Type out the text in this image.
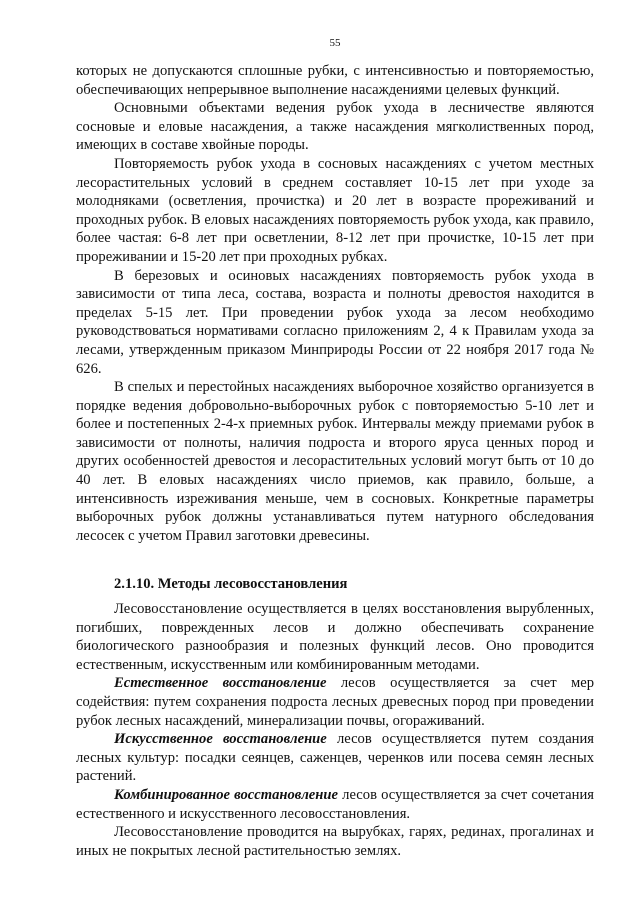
55

которых не допускаются сплошные рубки, с интенсивностью и повторяемостью, обеспечивающих непрерывное выполнение насаждениями целевых функций.

Основными объектами ведения рубок ухода в лесничестве являются сосновые и еловые насаждения, а также насаждения мягколиственных пород, имеющих в составе хвойные породы.

Повторяемость рубок ухода в сосновых насаждениях с учетом местных лесорастительных условий в среднем составляет 10-15 лет при уходе за молодняками (осветления, прочистка) и 20 лет в возрасте прореживаний и проходных рубок. В еловых насаждениях повторяемость рубок ухода, как правило, более частая: 6-8 лет при осветлении, 8-12 лет при прочистке, 10-15 лет при прореживании и 15-20 лет при проходных рубках.

В березовых и осиновых насаждениях повторяемость рубок ухода в зависимости от типа леса, состава, возраста и полноты древостоя находится в пределах 5-15 лет. При проведении рубок ухода за лесом необходимо руководствоваться нормативами согласно приложениям 2, 4 к Правилам ухода за лесами, утвержденным приказом Минприроды России от 22 ноября 2017 года № 626.

В спелых и перестойных насаждениях выборочное хозяйство организуется в порядке ведения добровольно-выборочных рубок с повторяемостью 5-10 лет и более и постепенных 2-4-х приемных рубок. Интервалы между приемами рубок в зависимости от полноты, наличия подроста и второго яруса ценных пород и других особенностей древостоя и лесорастительных условий могут быть от 10 до 40 лет. В еловых насаждениях число приемов, как правило, больше, а интенсивность изреживания меньше, чем в сосновых. Конкретные параметры выборочных рубок должны устанавливаться путем натурного обследования лесосек с учетом Правил заготовки древесины.

2.1.10. Методы лесовосстановления

Лесовосстановление осуществляется в целях восстановления вырубленных, погибших, поврежденных лесов и должно обеспечивать сохранение биологического разнообразия и полезных функций лесов. Оно проводится естественным, искусственным или комбинированным методами.

Естественное восстановление лесов осуществляется за счет мер содействия: путем сохранения подроста лесных древесных пород при проведении рубок лесных насаждений, минерализации почвы, огораживаний.

Искусственное восстановление лесов осуществляется путем создания лесных культур: посадки сеянцев, саженцев, черенков или посева семян лесных растений.

Комбинированное восстановление лесов осуществляется за счет сочетания естественного и искусственного лесовосстановления.

Лесовосстановление проводится на вырубках, гарях, рединах, прогалинах и иных не покрытых лесной растительностью землях.
